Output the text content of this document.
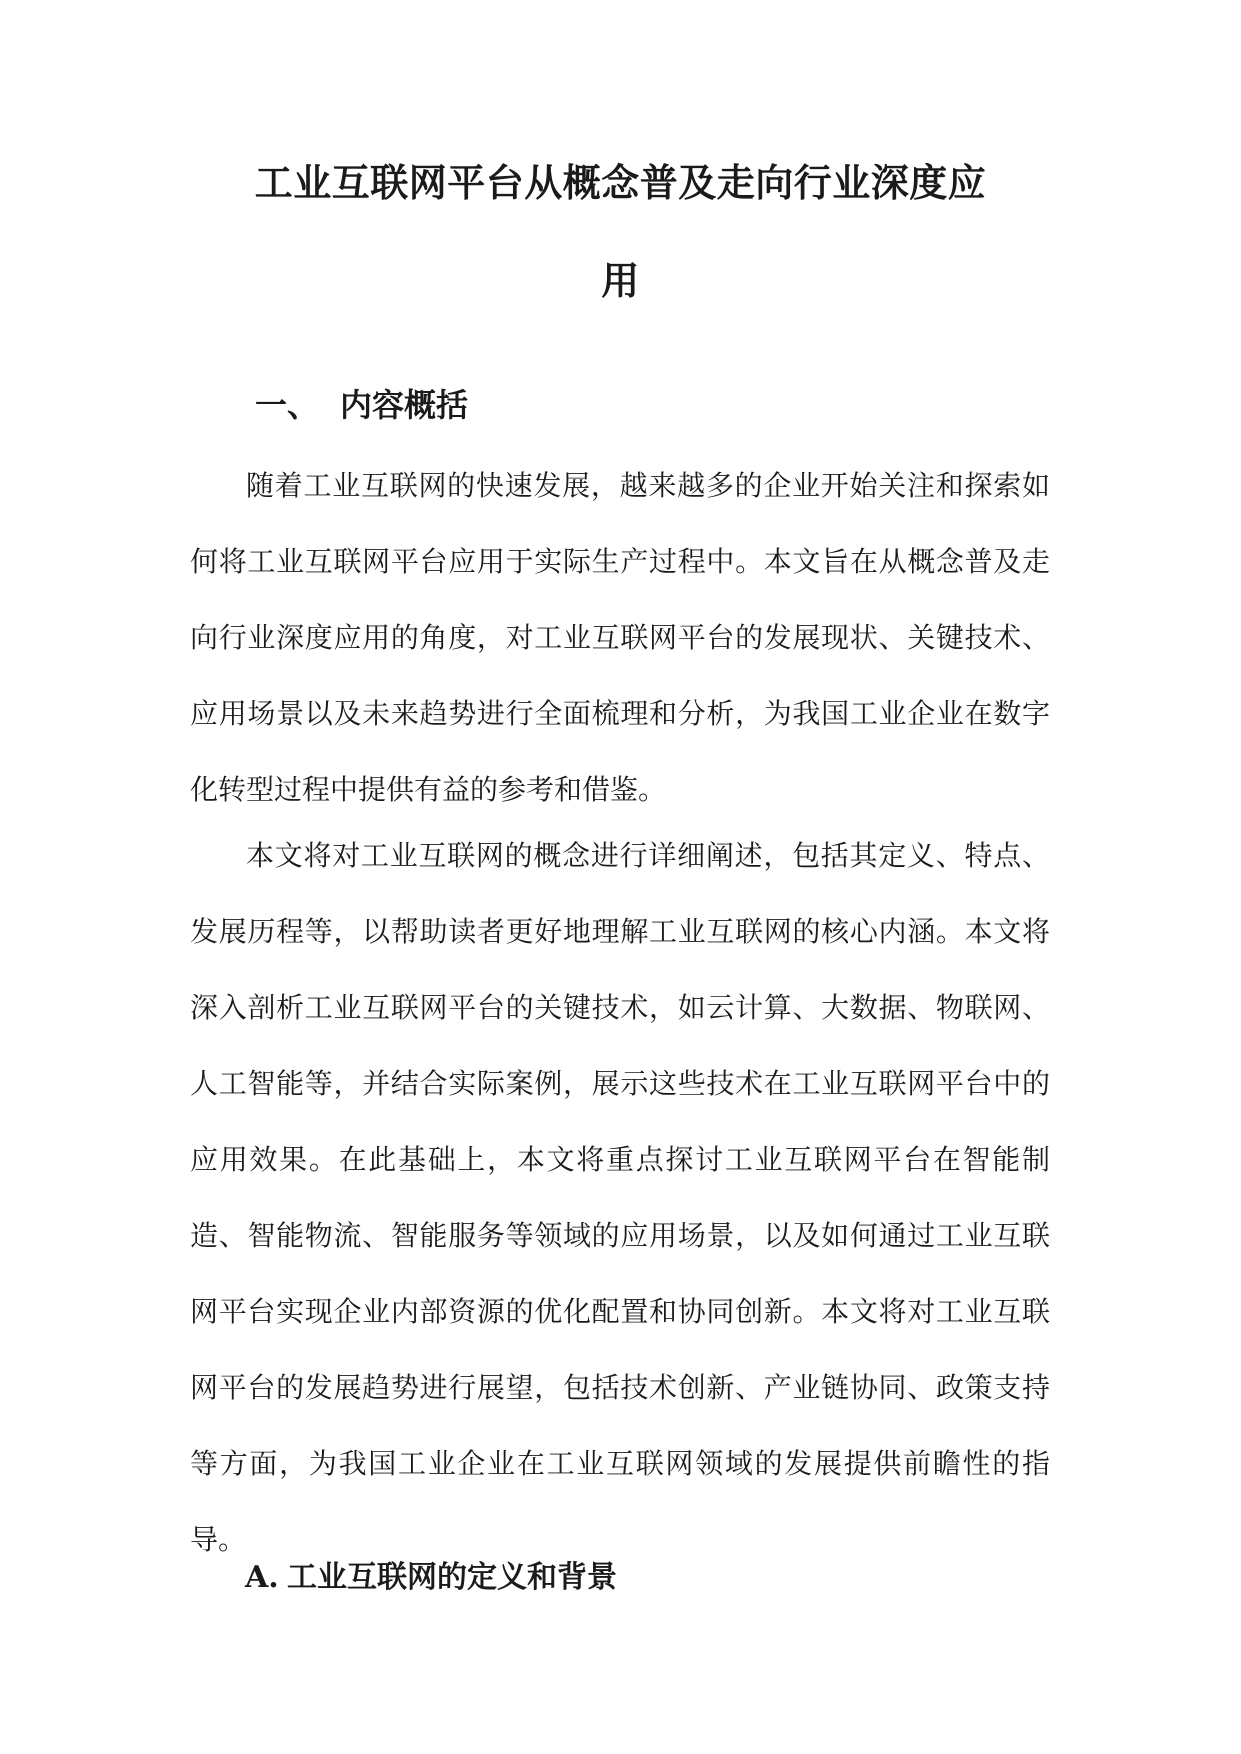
工业互联网平台从概念普及走向行业深度应
用
一、 内容概括

随着工业互联网的快速发展，越来越多的企业开始关注和探索如何将工业互联网平台应用于实际生产过程中。本文旨在从概念普及走向行业深度应用的角度，对工业互联网平台的发展现状、关键技术、应用场景以及未来趋势进行全面梳理和分析，为我国工业企业在数字化转型过程中提供有益的参考和借鉴。

本文将对工业互联网的概念进行详细阐述，包括其定义、特点、发展历程等，以帮助读者更好地理解工业互联网的核心内涵。本文将深入剖析工业互联网平台的关键技术，如云计算、大数据、物联网、人工智能等，并结合实际案例，展示这些技术在工业互联网平台中的应用效果。在此基础上，本文将重点探讨工业互联网平台在智能制造、智能物流、智能服务等领域的应用场景，以及如何通过工业互联网平台实现企业内部资源的优化配置和协同创新。本文将对工业互联网平台的发展趋势进行展望，包括技术创新、产业链协同、政策支持等方面，为我国工业企业在工业互联网领域的发展提供前瞻性的指导。

A. 工业互联网的定义和背景
